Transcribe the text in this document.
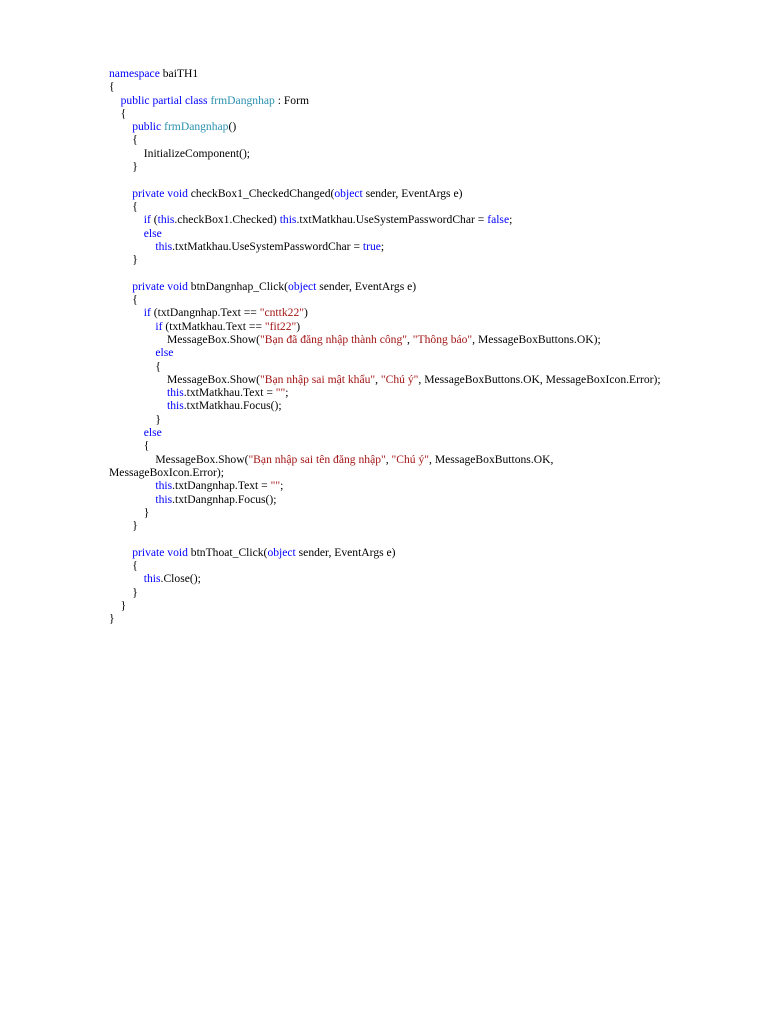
namespace baiTH1
{
public partial class frmDangnhap : Form
{
public frmDangnhap()
{
InitializeComponent();
}
private void checkBox1_CheckedChanged(object sender, EventArgs e)
{
if (this.checkBox1.Checked) this.txtMatkhau.UseSystemPasswordChar = false;
else
this.txtMatkhau.UseSystemPasswordChar = true;
}
private void btnDangnhap_Click(object sender, EventArgs e)
{
if (txtDangnhap.Text == "cnttk22")
if (txtMatkhau.Text == "fit22")
MessageBox.Show("Bạn đã đăng nhập thành công", "Thông báo", MessageBoxButtons.OK);
else
{
MessageBox.Show("Bạn nhập sai mật khẩu", "Chú ý", MessageBoxButtons.OK, MessageBoxIcon.Error);
this.txtMatkhau.Text = "";
this.txtMatkhau.Focus();
}
else
{
MessageBox.Show("Bạn nhập sai tên đăng nhập", "Chú ý", MessageBoxButtons.OK,
MessageBoxIcon.Error);
this.txtDangnhap.Text = "";
this.txtDangnhap.Focus();
}
}
private void btnThoat_Click(object sender, EventArgs e)
{
this.Close();
}
}
}
